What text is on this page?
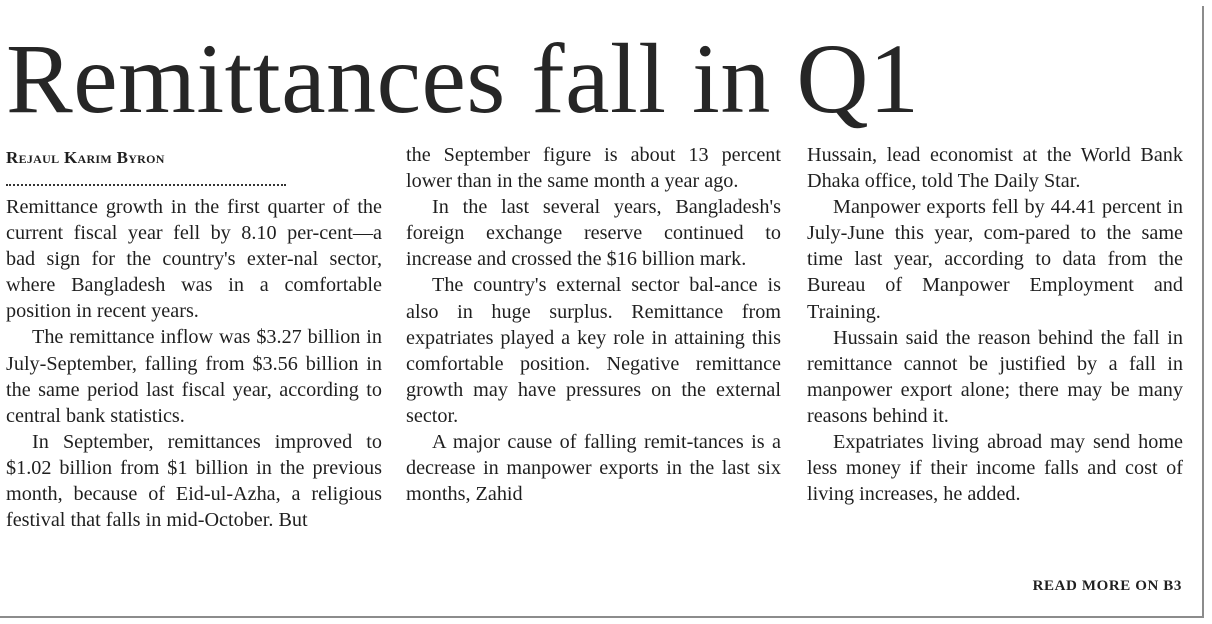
Remittances fall in Q1
Rejaul Karim Byron

Remittance growth in the first quarter of the current fiscal year fell by 8.10 per-cent—a bad sign for the country's exter-nal sector, where Bangladesh was in a comfortable position in recent years.

The remittance inflow was $3.27 billion in July-September, falling from $3.56 billion in the same period last fiscal year, according to central bank statistics.

In September, remittances improved to $1.02 billion from $1 billion in the previous month, because of Eid-ul-Azha, a religious festival that falls in mid-October. But

the September figure is about 13 percent lower than in the same month a year ago.

In the last several years, Bangladesh's foreign exchange reserve continued to increase and crossed the $16 billion mark.

The country's external sector bal-ance is also in huge surplus. Remittance from expatriates played a key role in attaining this comfortable position. Negative remittance growth may have pressures on the external sector.

A major cause of falling remit-tances is a decrease in manpower exports in the last six months, Zahid

Hussain, lead economist at the World Bank Dhaka office, told The Daily Star.

Manpower exports fell by 44.41 percent in July-June this year, com-pared to the same time last year, according to data from the Bureau of Manpower Employment and Training.

Hussain said the reason behind the fall in remittance cannot be justified by a fall in manpower export alone; there may be many reasons behind it.

Expatriates living abroad may send home less money if their income falls and cost of living increases, he added.

READ MORE ON B3
